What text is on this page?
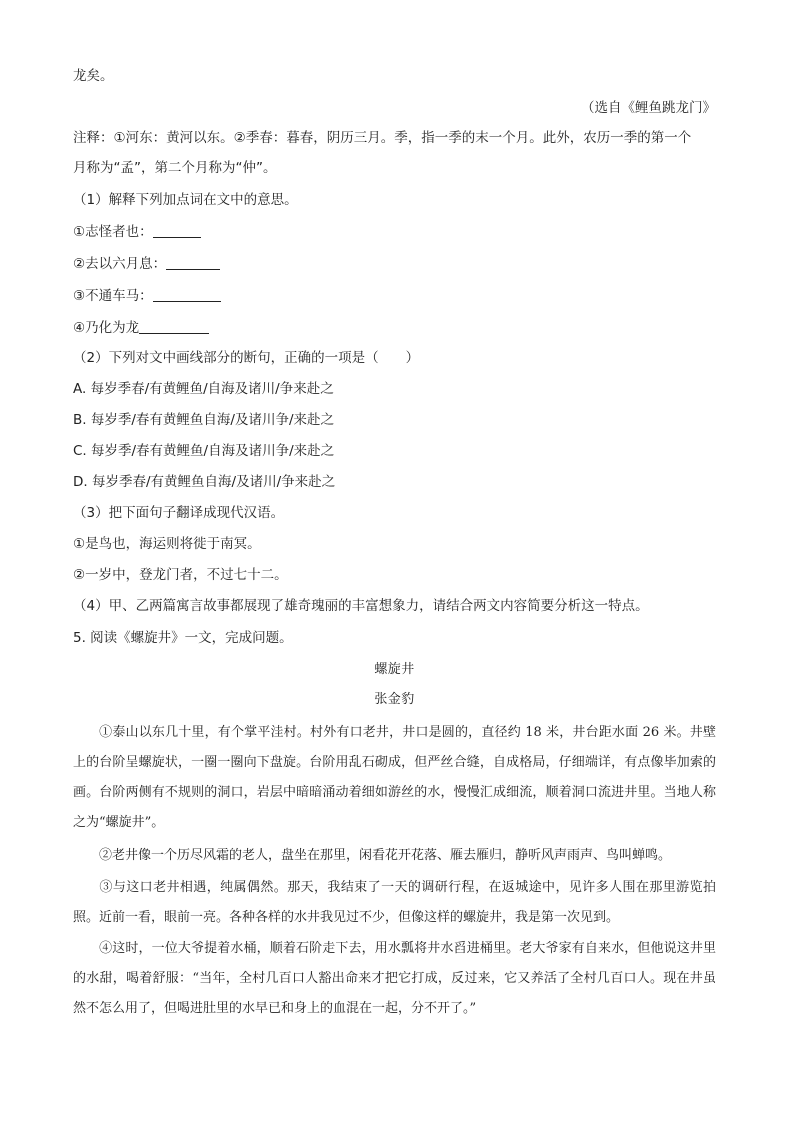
龙矣。
（选自《鲤鱼跳龙门》
注释：①河东：黄河以东。②季春：暮春，阴历三月。季，指一季的末一个月。此外，农历一季的第一个
月称为“孟”，第二个月称为“仲”。
（1）解释下列加点词在文中的意思。
①志怪者也：
②去以六月息：
③不通车马：
④乃化为龙
（2）下列对文中画线部分的断句，正确的一项是（　　）
A. 每岁季春/有黄鲤鱼/自海及诸川/争来赴之
B. 每岁季/春有黄鲤鱼自海/及诸川争/来赴之
C. 每岁季/春有黄鲤鱼/自海及诸川争/来赴之
D. 每岁季春/有黄鲤鱼自海/及诸川/争来赴之
（3）把下面句子翻译成现代汉语。
①是鸟也，海运则将徙于南冥。
②一岁中，登龙门者，不过七十二。
（4）甲、乙两篇寓言故事都展现了雄奇瑰丽的丰富想象力，请结合两文内容简要分析这一特点。
5. 阅读《螺旋井》一文，完成问题。
螺旋井
张金豹
①泰山以东几十里，有个掌平洼村。村外有口老井，井口是圆的，直径约 18 米，井台距水面 26 米。井壁上的台阶呈螺旋状，一圈一圈向下盘旋。台阶用乱石砌成，但严丝合缝，自成格局，仔细端详，有点像毕加索的画。台阶两侧有不规则的洞口，岩层中暗暗涌动着细如游丝的水，慢慢汇成细流，顺着洞口流进井里。当地人称之为“螺旋井”。
②老井像一个历尽风霜的老人，盘坐在那里，闲看花开花落、雁去雁归，静听风声雨声、鸟叫蝉鸣。
③与这口老井相遇，纯属偶然。那天，我结束了一天的调研行程，在返城途中，见许多人围在那里游览拍照。近前一看，眼前一亮。各种各样的水井我见过不少，但像这样的螺旋井，我是第一次见到。
④这时，一位大爷提着水桶，顺着石阶走下去，用水瓢将井水舀进桶里。老大爷家有自来水，但他说这井里的水甜，喝着舒服：“当年，全村几百口人豁出命来才把它打成，反过来，它又养活了全村几百口人。现在井虽然不怎么用了，但喝进肚里的水早已和身上的血混在一起，分不开了。”
